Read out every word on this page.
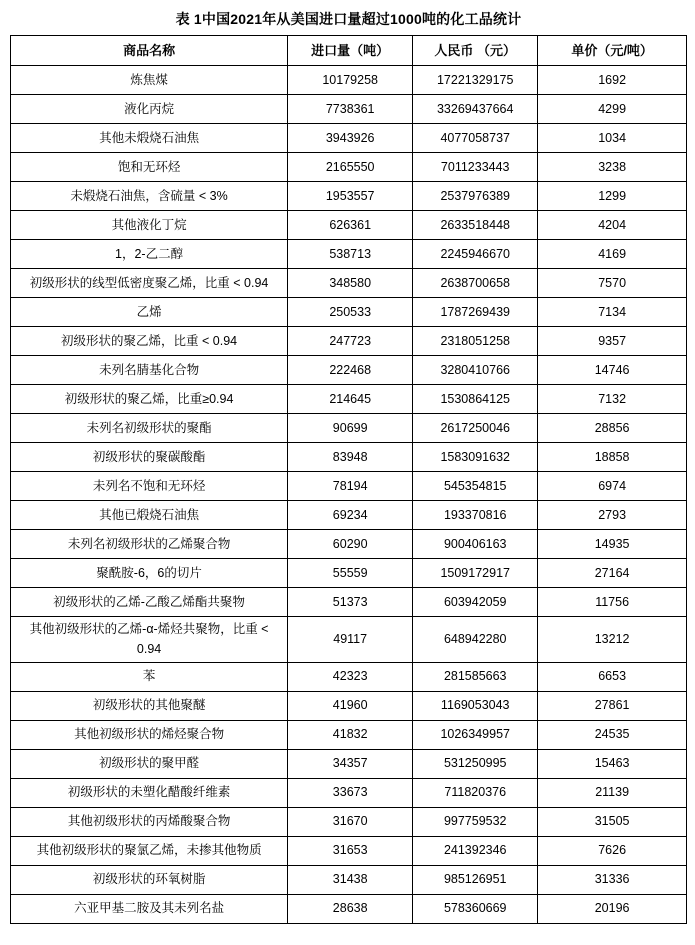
表 1中国2021年从美国进口量超过1000吨的化工品统计
商品名称	进口量（吨）	人民币 （元）	单价（元/吨）
炼焦煤	10179258	17221329175	1692
液化丙烷	7738361	33269437664	4299
其他未煅烧石油焦	3943926	4077058737	1034
饱和无环烃	2165550	7011233443	3238
未煅烧石油焦，含硫量 < 3%	1953557	2537976389	1299
其他液化丁烷	626361	2633518448	4204
1，2-乙二醇	538713	2245946670	4169
初级形状的线型低密度聚乙烯，比重 < 0.94	348580	2638700658	7570
乙烯	250533	1787269439	7134
初级形状的聚乙烯，比重 < 0.94	247723	2318051258	9357
未列名腈基化合物	222468	3280410766	14746
初级形状的聚乙烯，比重≥0.94	214645	1530864125	7132
未列名初级形状的聚酯	90699	2617250046	28856
初级形状的聚碳酸酯	83948	1583091632	18858
未列名不饱和无环烃	78194	545354815	6974
其他已煅烧石油焦	69234	193370816	2793
未列名初级形状的乙烯聚合物	60290	900406163	14935
聚酰胺-6，6的切片	55559	1509172917	27164
初级形状的乙烯-乙酸乙烯酯共聚物	51373	603942059	11756
其他初级形状的乙烯-α-烯烃共聚物，比重 < 0.94	49117	648942280	13212
苯	42323	281585663	6653
初级形状的其他聚醚	41960	1169053043	27861
其他初级形状的烯烃聚合物	41832	1026349957	24535
初级形状的聚甲醛	34357	531250995	15463
初级形状的未塑化醋酸纤维素	33673	711820376	21139
其他初级形状的丙烯酸聚合物	31670	997759532	31505
其他初级形状的聚氯乙烯，未掺其他物质	31653	241392346	7626
初级形状的环氧树脂	31438	985126951	31336
六亚甲基二胺及其未列名盐	28638	578360669	20196
